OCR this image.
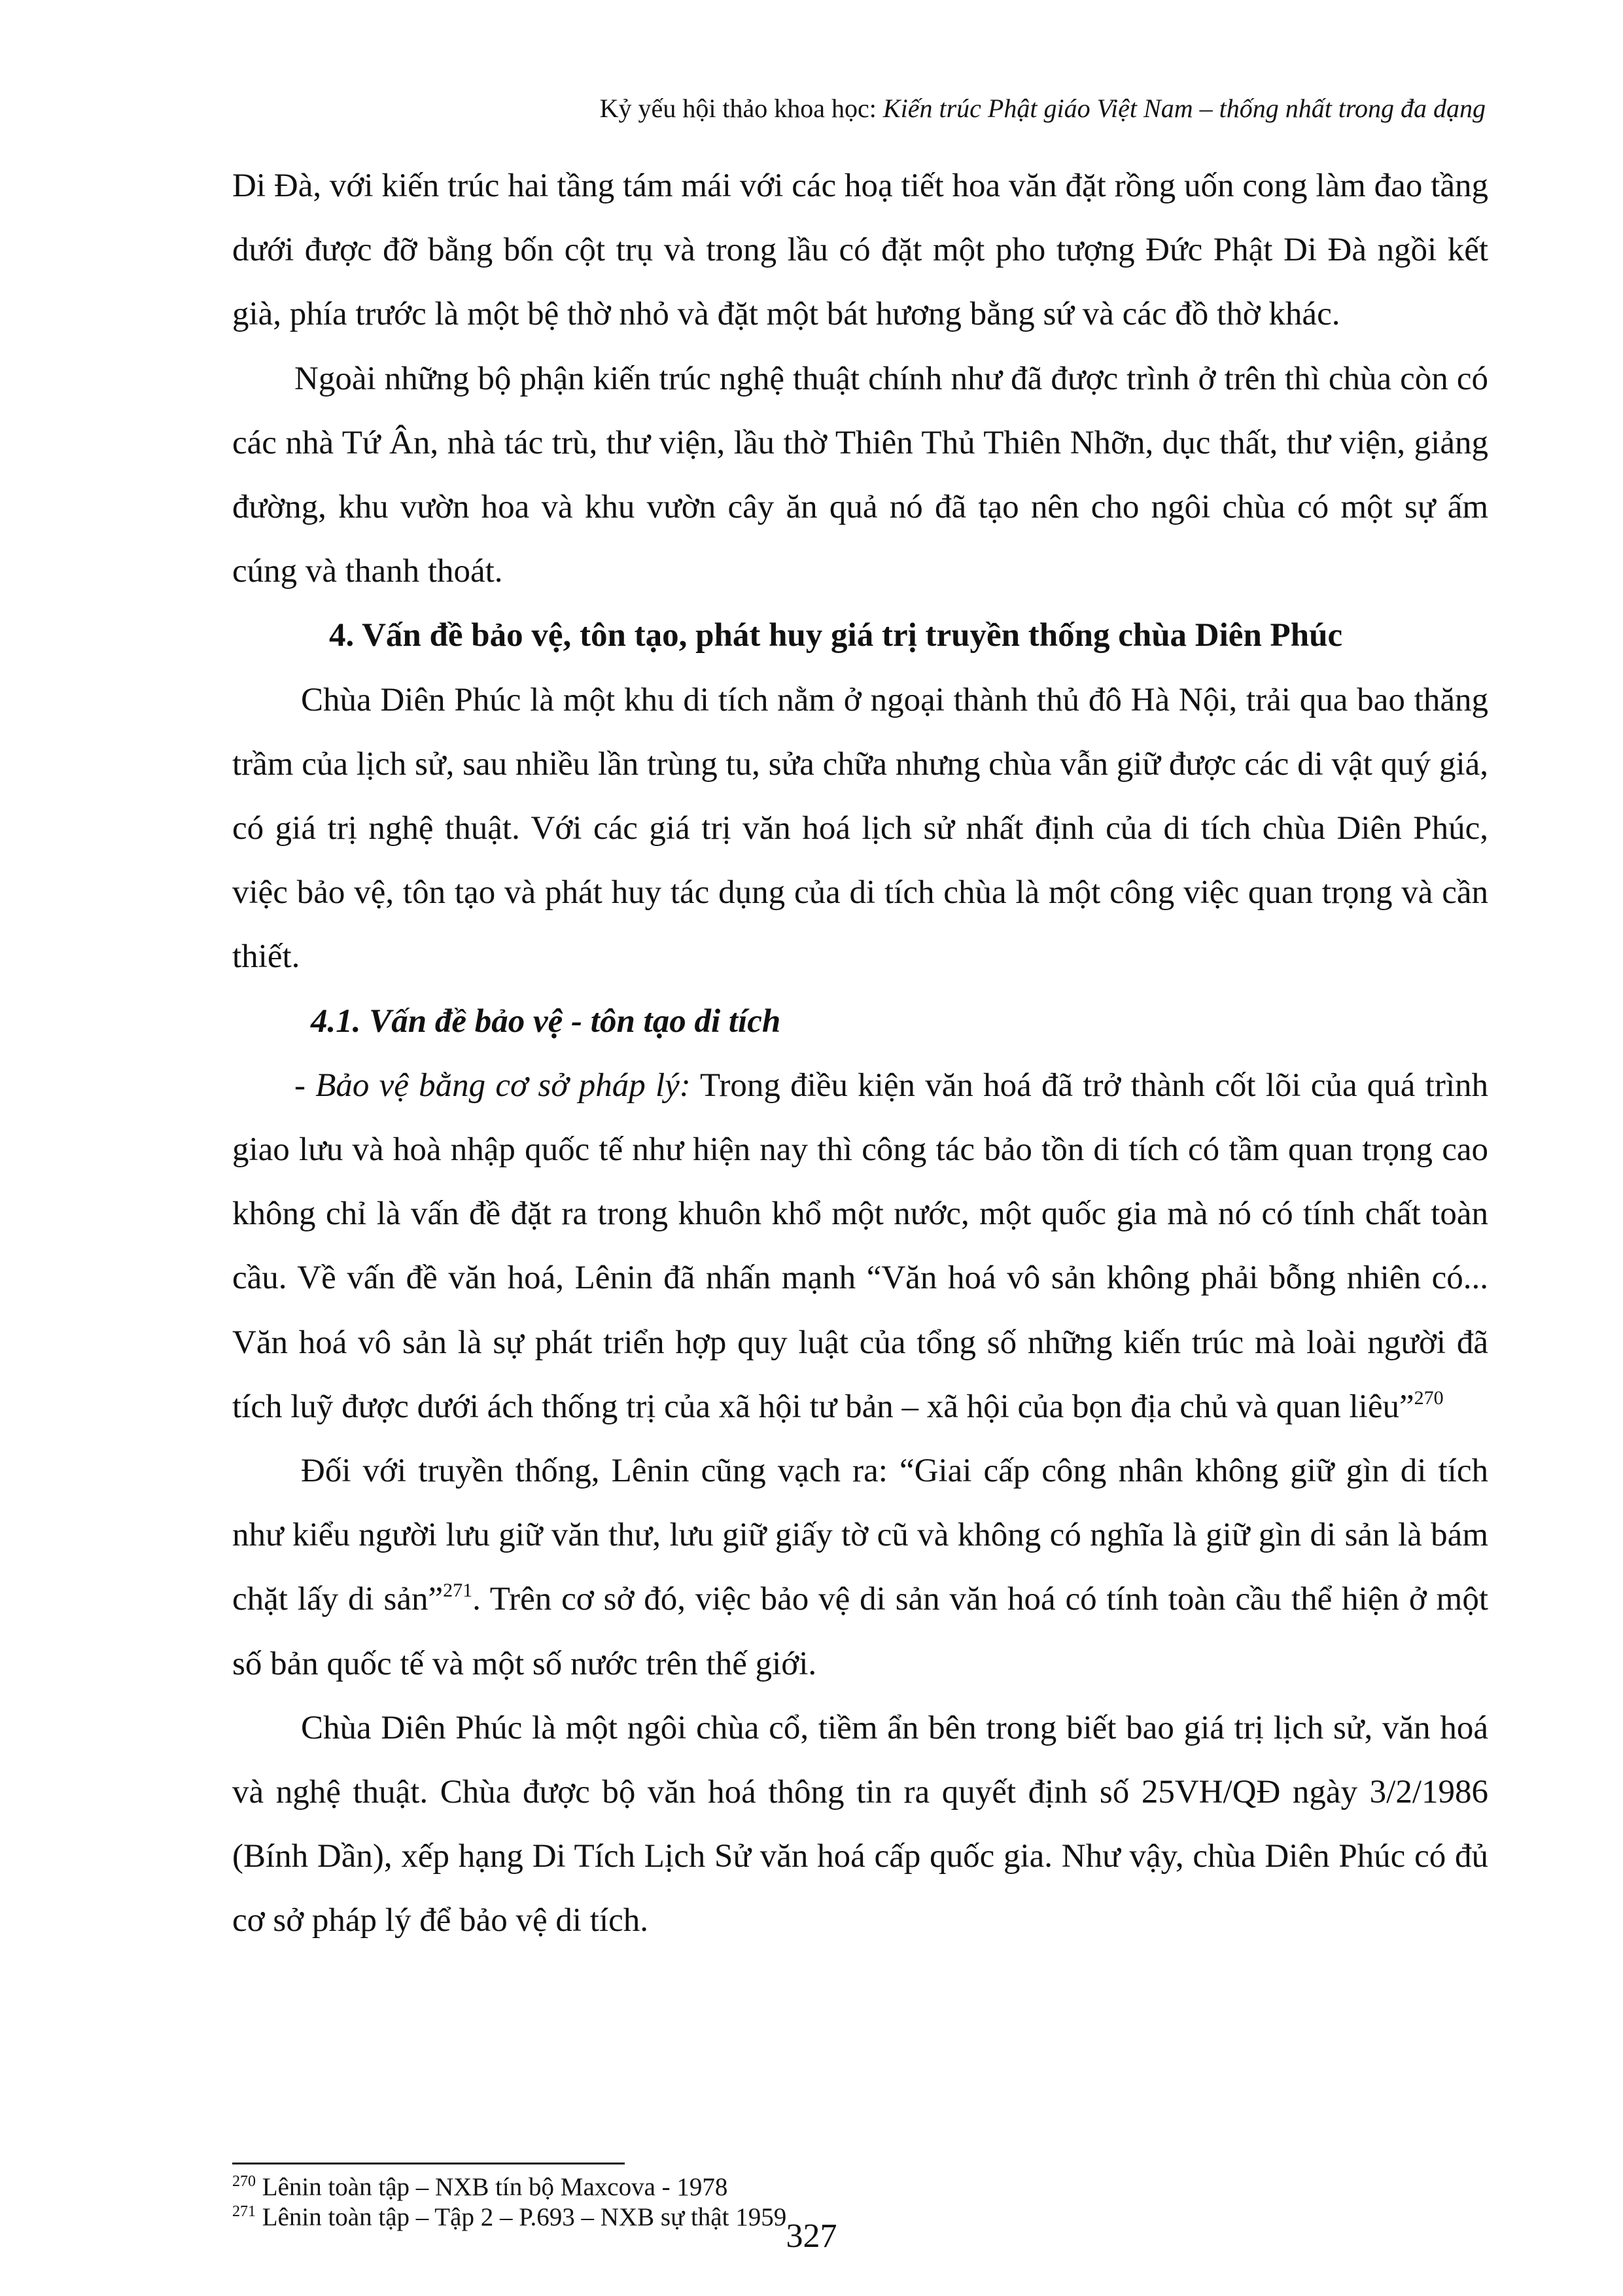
Kỷ yếu hội thảo khoa học: Kiến trúc Phật giáo Việt Nam – thống nhất trong đa dạng

Di Đà, với kiến trúc hai tầng tám mái với các hoạ tiết hoa văn đặt rồng uốn cong làm đao tầng dưới được đỡ bằng bốn cột trụ và trong lầu có đặt một pho tượng Đức Phật Di Đà ngồi kết già, phía trước là một bệ thờ nhỏ và đặt một bát hương bằng sứ và các đồ thờ khác.

Ngoài những bộ phận kiến trúc nghệ thuật chính như đã được trình ở trên thì chùa còn có các nhà Tứ Ân, nhà tác trù, thư viện, lầu thờ Thiên Thủ Thiên Nhỡn, dục thất, thư viện, giảng đường, khu vườn hoa và khu vườn cây ăn quả nó đã tạo nên cho ngôi chùa có một sự ấm cúng và thanh thoát.

4. Vấn đề bảo vệ, tôn tạo, phát huy giá trị truyền thống chùa Diên Phúc

Chùa Diên Phúc là một khu di tích nằm ở ngoại thành thủ đô Hà Nội, trải qua bao thăng trầm của lịch sử, sau nhiều lần trùng tu, sửa chữa nhưng chùa vẫn giữ được các di vật quý giá, có giá trị nghệ thuật. Với các giá trị văn hoá lịch sử nhất định của di tích chùa Diên Phúc, việc bảo vệ, tôn tạo và phát huy tác dụng của di tích chùa là một công việc quan trọng và cần thiết.

4.1. Vấn đề bảo vệ - tôn tạo di tích

- Bảo vệ bằng cơ sở pháp lý: Trong điều kiện văn hoá đã trở thành cốt lõi của quá trình giao lưu và hoà nhập quốc tế như hiện nay thì công tác bảo tồn di tích có tầm quan trọng cao không chỉ là vấn đề đặt ra trong khuôn khổ một nước, một quốc gia mà nó có tính chất toàn cầu. Về vấn đề văn hoá, Lênin đã nhấn mạnh “Văn hoá vô sản không phải bỗng nhiên có... Văn hoá vô sản là sự phát triển hợp quy luật của tổng số những kiến trúc mà loài người đã tích luỹ được dưới ách thống trị của xã hội tư bản – xã hội của bọn địa chủ và quan liêu”$^{270}$

Đối với truyền thống, Lênin cũng vạch ra: “Giai cấp công nhân không giữ gìn di tích như kiểu người lưu giữ văn thư, lưu giữ giấy tờ cũ và không có nghĩa là giữ gìn di sản là bám chặt lấy di sản”$^{271}$. Trên cơ sở đó, việc bảo vệ di sản văn hoá có tính toàn cầu thể hiện ở một số bản quốc tế và một số nước trên thế giới.

Chùa Diên Phúc là một ngôi chùa cổ, tiềm ẩn bên trong biết bao giá trị lịch sử, văn hoá và nghệ thuật. Chùa được bộ văn hoá thông tin ra quyết định số 25VH/QĐ ngày 3/2/1986 (Bính Dần), xếp hạng Di Tích Lịch Sử văn hoá cấp quốc gia. Như vậy, chùa Diên Phúc có đủ cơ sở pháp lý để bảo vệ di tích.

$^{270}$ Lênin toàn tập – NXB tín bộ Maxcova - 1978
$^{271}$ Lênin toàn tập – Tập 2 – P.693 – NXB sự thật 1959
327
